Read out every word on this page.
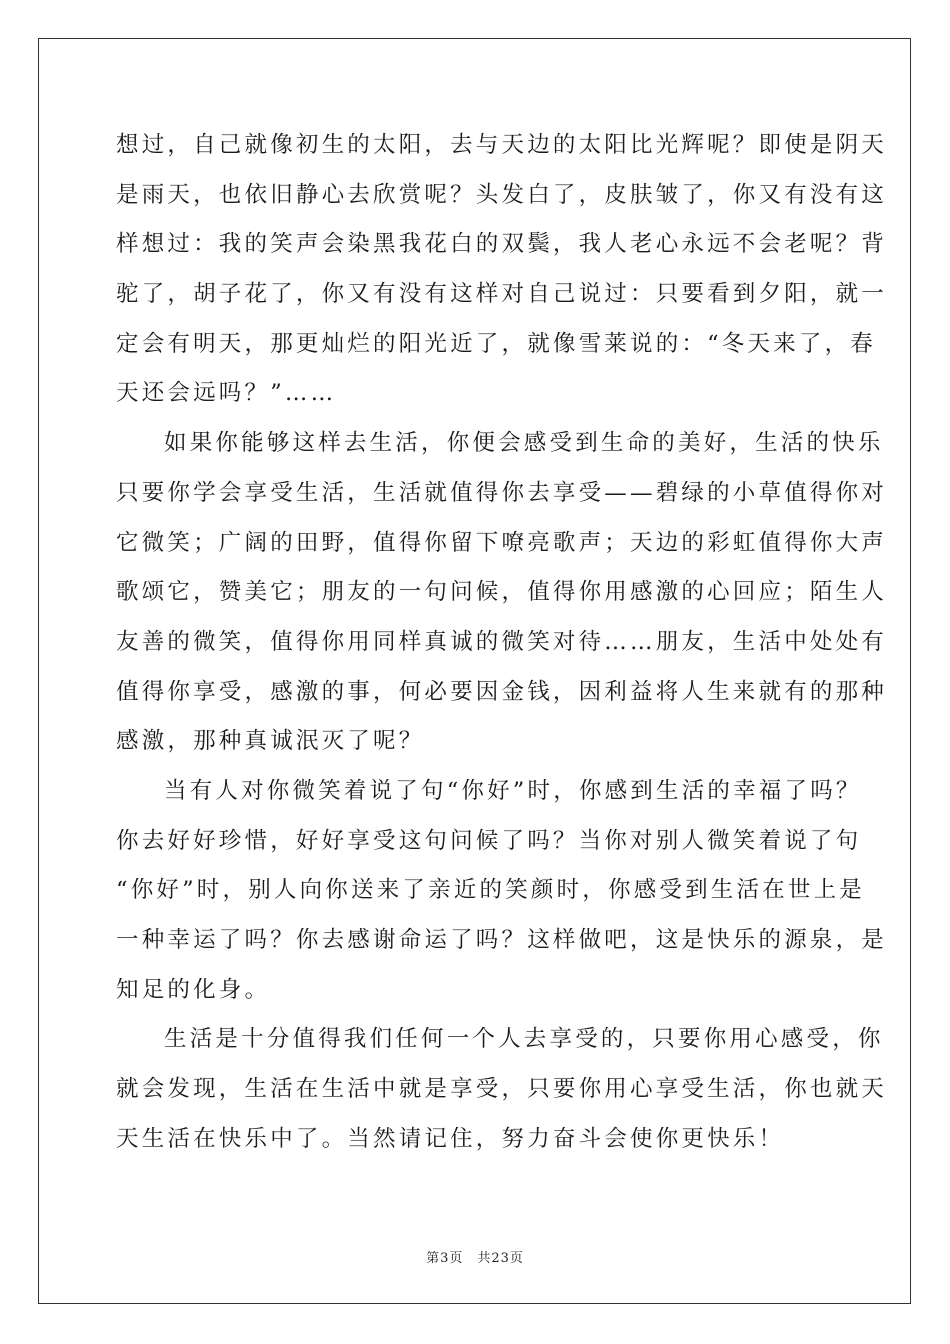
想过，自己就像初生的太阳，去与天边的太阳比光辉呢？即使是阴天
是雨天，也依旧静心去欣赏呢？头发白了，皮肤皱了，你又有没有这
样想过：我的笑声会染黑我花白的双鬓，我人老心永远不会老呢？背
驼了，胡子花了，你又有没有这样对自己说过：只要看到夕阳，就一
定会有明天，那更灿烂的阳光近了，就像雪莱说的：“冬天来了，春
天还会远吗？”……
如果你能够这样去生活，你便会感受到生命的美好，生活的快乐
只要你学会享受生活，生活就值得你去享受——碧绿的小草值得你对
它微笑；广阔的田野，值得你留下嘹亮歌声；天边的彩虹值得你大声
歌颂它，赞美它；朋友的一句问候，值得你用感激的心回应；陌生人
友善的微笑，值得你用同样真诚的微笑对待……朋友，生活中处处有
值得你享受，感激的事，何必要因金钱，因利益将人生来就有的那种
感激，那种真诚泯灭了呢？
当有人对你微笑着说了句“你好”时，你感到生活的幸福了吗？
你去好好珍惜，好好享受这句问候了吗？当你对别人微笑着说了句
“你好”时，别人向你送来了亲近的笑颜时，你感受到生活在世上是
一种幸运了吗？你去感谢命运了吗？这样做吧，这是快乐的源泉，是
知足的化身。
生活是十分值得我们任何一个人去享受的，只要你用心感受，你
就会发现，生活在生活中就是享受，只要你用心享受生活，你也就天
天生活在快乐中了。当然请记住，努力奋斗会使你更快乐！
第3页 共23页
